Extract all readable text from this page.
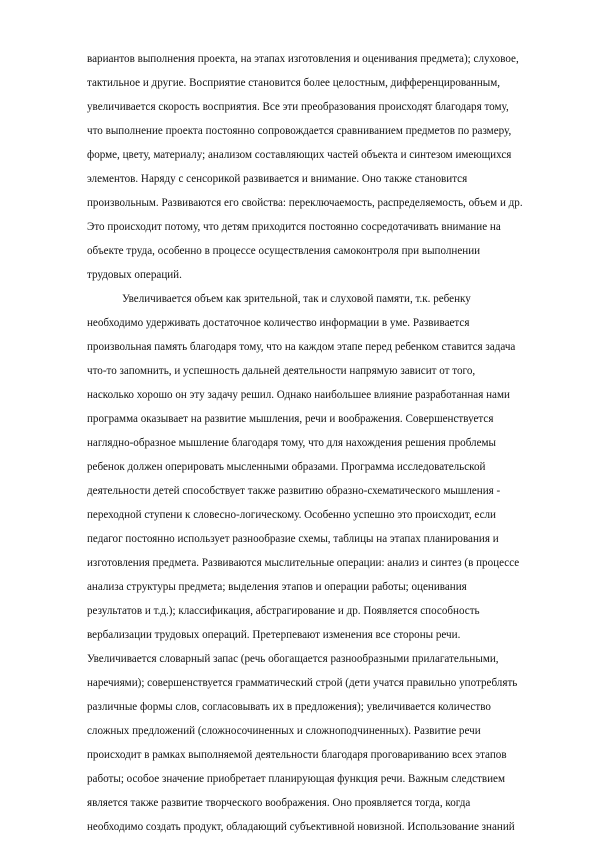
вариантов выполнения проекта, на этапах изготовления и оценивания предмета); слуховое,
тактильное и другие. Восприятие становится более целостным, дифференцированным,
увеличивается скорость восприятия. Все эти преобразования происходят благодаря тому,
что выполнение проекта постоянно сопровождается сравниванием предметов по размеру,
форме, цвету, материалу; анализом составляющих частей объекта и синтезом имеющихся
элементов. Наряду с сенсорикой развивается и внимание. Оно также становится
произвольным. Развиваются его свойства: переключаемость, распределяемость, объем и др.
Это происходит потому, что детям приходится постоянно сосредотачивать внимание на
объекте труда, особенно в процессе осуществления самоконтроля при выполнении
трудовых операций.
Увеличивается объем как зрительной, так и слуховой памяти, т.к. ребенку
необходимо удерживать достаточное количество информации в уме. Развивается
произвольная память благодаря тому, что на каждом этапе перед ребенком ставится задача
что-то запомнить, и успешность дальней деятельности напрямую зависит от того,
насколько хорошо он эту задачу решил. Однако наибольшее влияние разработанная нами
программа оказывает на развитие мышления, речи и воображения. Совершенствуется
наглядно-образное мышление благодаря тому, что для нахождения решения проблемы
ребенок должен оперировать мысленными образами. Программа исследовательской
деятельности детей способствует также развитию образно-схематического мышления -
переходной ступени к словесно-логическому. Особенно успешно это происходит, если
педагог постоянно использует разнообразие схемы, таблицы на этапах планирования и
изготовления предмета. Развиваются мыслительные операции: анализ и синтез (в процессе
анализа структуры предмета; выделения этапов и операции работы; оценивания
результатов и т.д.); классификация, абстрагирование и др. Появляется способность
вербализации трудовых операций. Претерпевают изменения все стороны речи.
Увеличивается словарный запас (речь обогащается разнообразными прилагательными,
наречиями); совершенствуется грамматический строй (дети учатся правильно употреблять
различные формы слов, согласовывать их в предложения); увеличивается количество
сложных предложений (сложносочиненных и сложноподчиненных). Развитие речи
происходит в рамках выполняемой деятельности благодаря проговариванию всех этапов
работы; особое значение приобретает планирующая функция речи. Важным следствием
является также развитие творческого воображения. Оно проявляется тогда, когда
необходимо создать продукт, обладающий субъективной новизной. Использование знаний
